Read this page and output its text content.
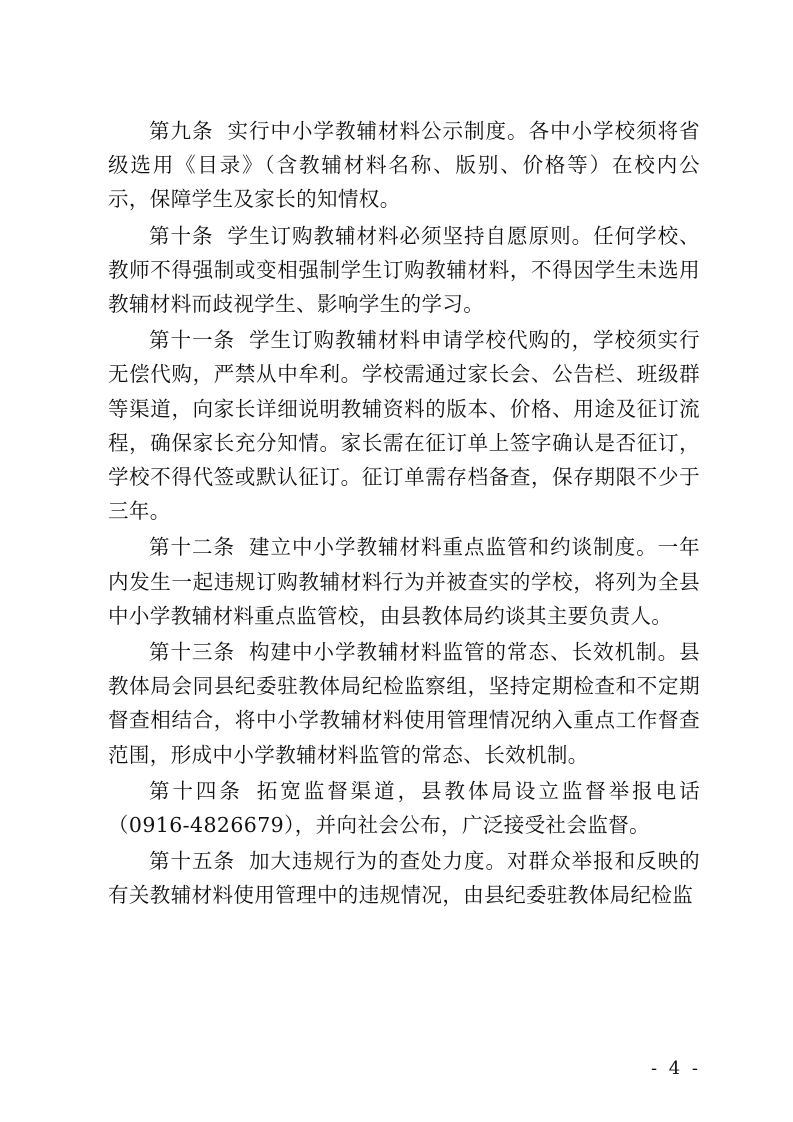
第九条 实行中小学教辅材料公示制度。各中小学校须将省级选用《目录》（含教辅材料名称、版别、价格等）在校内公示，保障学生及家长的知情权。

第十条 学生订购教辅材料必须坚持自愿原则。任何学校、教师不得强制或变相强制学生订购教辅材料，不得因学生未选用教辅材料而歧视学生、影响学生的学习。

第十一条 学生订购教辅材料申请学校代购的，学校须实行无偿代购，严禁从中牟利。学校需通过家长会、公告栏、班级群等渠道，向家长详细说明教辅资料的版本、价格、用途及征订流程，确保家长充分知情。家长需在征订单上签字确认是否征订，学校不得代签或默认征订。征订单需存档备查，保存期限不少于三年。

第十二条 建立中小学教辅材料重点监管和约谈制度。一年内发生一起违规订购教辅材料行为并被查实的学校，将列为全县中小学教辅材料重点监管校，由县教体局约谈其主要负责人。

第十三条 构建中小学教辅材料监管的常态、长效机制。县教体局会同县纪委驻教体局纪检监察组，坚持定期检查和不定期督查相结合，将中小学教辅材料使用管理情况纳入重点工作督查范围，形成中小学教辅材料监管的常态、长效机制。

第十四条 拓宽监督渠道，县教体局设立监督举报电话（0916-4826679），并向社会公布，广泛接受社会监督。

第十五条 加大违规行为的查处力度。对群众举报和反映的有关教辅材料使用管理中的违规情况，由县纪委驻教体局纪检监

- 4 -
